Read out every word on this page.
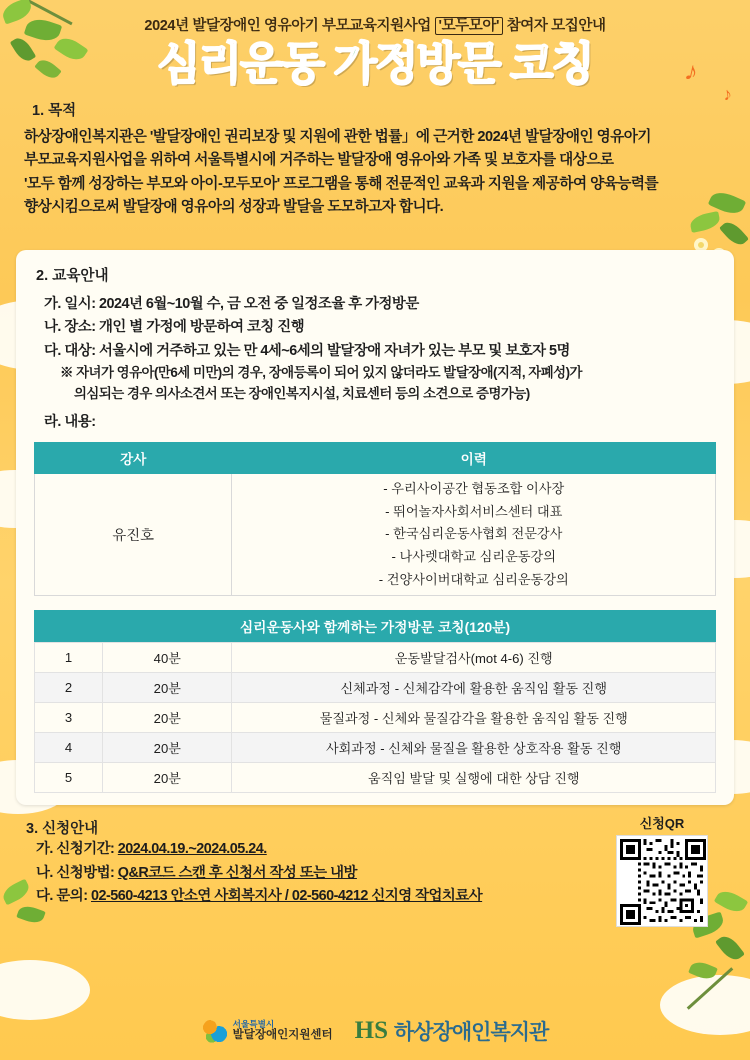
2024년 발달장애인 영유아기 부모교육지원사업 '모두모아' 참여자 모집안내
심리운동 가정방문 코칭	♪
♪
1. 목적
하상장애인복지관은 '발달장애인 권리보장 및 지원에 관한 법률」에 근거한 2024년 발달장애인 영유아기
부모교육지원사업을 위하여 서울특별시에 거주하는 발달장애 영유아와 가족 및 보호자를 대상으로
'모두 함께 성장하는 부모와 아이-모두모아' 프로그램을 통해 전문적인 교육과 지원을 제공하여 양육능력를
향상시킴으로써 발달장애 영유아의 성장과 발달을 도모하고자 합니다.
2. 교육안내
가. 일시: 2024년 6월~10월 수, 금 오전 중 일정조율 후 가정방문
나. 장소: 개인 별 가정에 방문하여 코칭 진행
다. 대상: 서울시에 거주하고 있는 만 4세~6세의 발달장애 자녀가 있는 부모 및 보호자 5명
※ 자녀가 영유아(만6세 미만)의 경우, 장애등록이 되어 있지 않더라도 발달장애(지적, 자폐성)가
의심되는 경우 의사소견서 또는 장애인복지시설, 치료센터 등의 소견으로 증명가능)
라. 내용:
강사	이력
유진호	- 우리사이공간 협동조합 이사장
- 뛰어놀자사회서비스센터 대표
- 한국심리운동사협회 전문강사
- 나사렛대학교 심리운동강의
- 건양사이버대학교 심리운동강의
심리운동사와 함께하는 가정방문 코칭(120분)
1	40분	운동발달검사(mot 4-6) 진행
2	20분	신체과정 - 신체감각에 활용한 움직임 활동 진행
3	20분	물질과정 - 신체와 물질감각을 활용한 움직임 활동 진행
4	20분	사회과정 - 신체와 물질을 활용한 상호작용 활동 진행
5	20분	움직임 발달 및 실행에 대한 상담 진행
3. 신청안내
가. 신청기간: 2024.04.19.~2024.05.24.
나. 신청방법: Q&R코드 스캔 후 신청서 작성 또는 내방
다. 문의: 02-560-4213 안소연 사회복지사 / 02-560-4212 신지영 작업치료사
신청QR
서울특별시
발달장애인지원센터 HS 하상장애인복지관
